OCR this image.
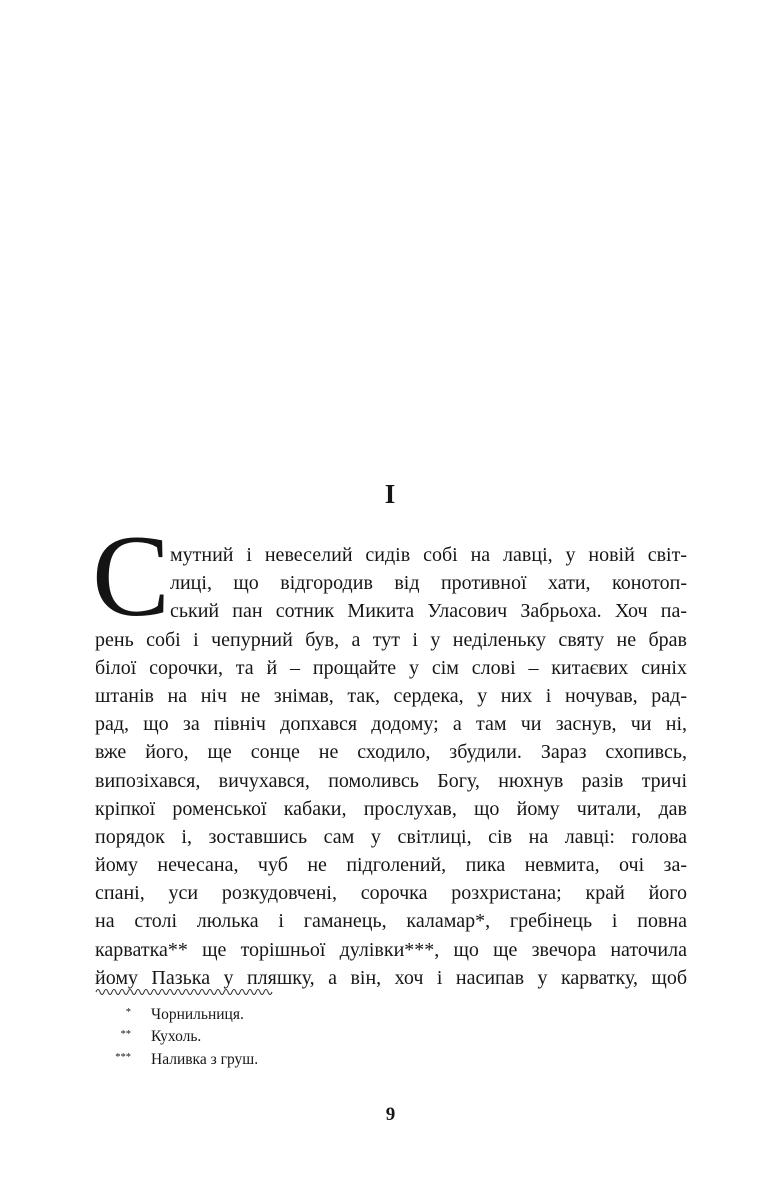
I
С мутний і невеселий сидів собі на лавці, у новій світ-
лиці, що відгородив від противної хати, конотоп-
ський пан сотник Микита Уласович Забрьоха. Хоч па-
рень собі і чепурний був, а тут і у неділеньку святу не брав
білої сорочки, та й – прощайте у сім слові – китаєвих синіх
штанів на ніч не знімав, так, сердека, у них і ночував, рад-
рад, що за північ допхався додому; а там чи заснув, чи ні,
вже його, ще сонце не сходило, збудили. Зараз схопивсь,
випозіхався, вичухався, помоливсь Богу, нюхнув разів тричі
кріпкої роменської кабаки, прослухав, що йому читали, дав
порядок і, зоставшись сам у світлиці, сів на лавці: голова
йому нечесана, чуб не підголений, пика невмита, очі за-
спані, уси розкудовчені, сорочка розхристана; край його
на столі люлька і гаманець, каламар*, гребінець і повна
карватка** ще торішньої дулівки***, що ще звечора наточила
йому Пазька у пляшку, а він, хоч і насипав у карватку, щоб
*	Чорнильниця.
**	Кухоль.
***	Наливка з груш.
9
